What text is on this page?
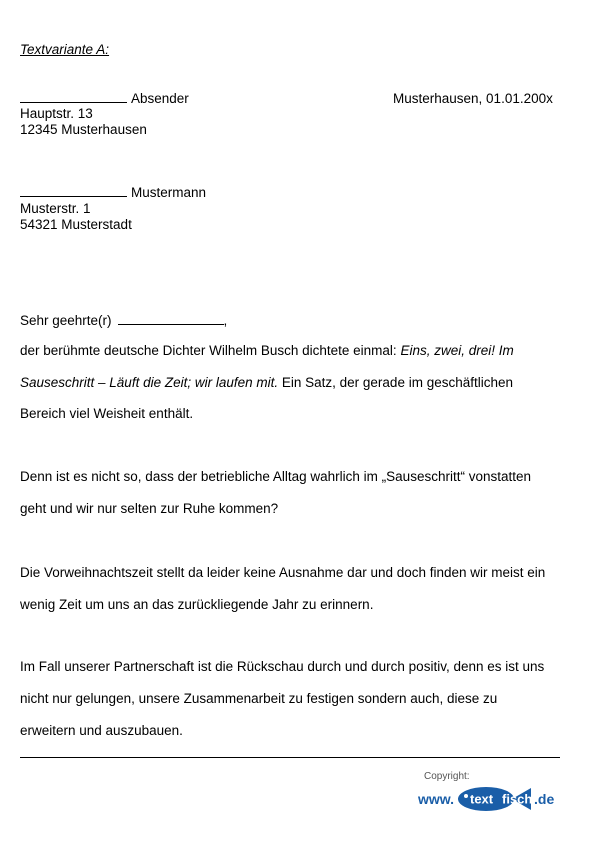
Textvariante A:
Absender	Musterhausen, 01.01.200x
Hauptstr. 13
12345 Musterhausen
Mustermann
Musterstr. 1
54321 Musterstadt
Sehr geehrte(r)	,
der berühmte deutsche Dichter Wilhelm Busch dichtete einmal: Eins, zwei, drei! Im
Sauseschritt – Läuft die Zeit; wir laufen mit. Ein Satz, der gerade im geschäftlichen
Bereich viel Weisheit enthält.
Denn ist es nicht so, dass der betriebliche Alltag wahrlich im „Sauseschritt“ vonstatten
geht und wir nur selten zur Ruhe kommen?
Die Vorweihnachtszeit stellt da leider keine Ausnahme dar und doch finden wir meist ein
wenig Zeit um uns an das zurückliegende Jahr zu erinnern.
Im Fall unserer Partnerschaft ist die Rückschau durch und durch positiv, denn es ist uns
nicht nur gelungen, unsere Zusammenarbeit zu festigen sondern auch, diese zu
erweitern und auszubauen.
Copyright:
www. text fisch .de
